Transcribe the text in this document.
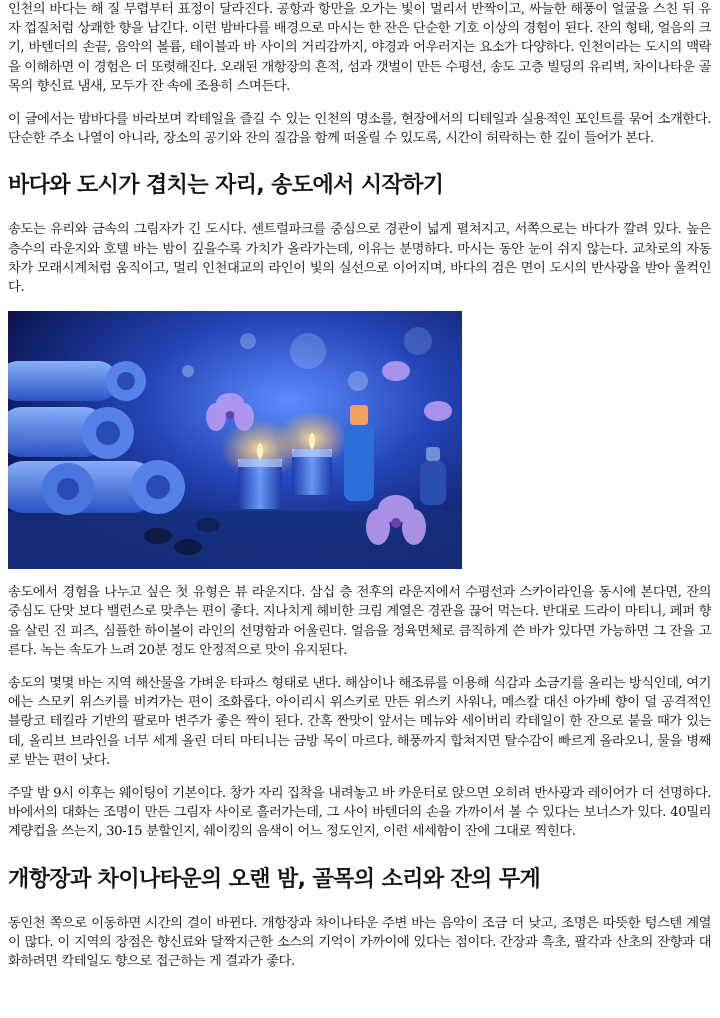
인천의 바다는 해 질 무렵부터 표정이 달라진다. 공항과 항만을 오가는 빛이 멀리서 반짝이고, 싸늘한 해풍이 얼굴을 스친 뒤 유자 껍질처럼 상쾌한 향을 남긴다. 이런 밤바다를 배경으로 마시는 한 잔은 단순한 기호 이상의 경험이 된다. 잔의 형태, 얼음의 크기, 바텐더의 손끝, 음악의 볼륨, 테이블과 바 사이의 거리감까지, 야경과 어우러지는 요소가 다양하다. 인천이라는 도시의 맥락을 이해하면 이 경험은 더 또렷해진다. 오래된 개항장의 흔적, 섬과 갯벌이 만든 수평선, 송도 고층 빌딩의 유리벽, 차이나타운 골목의 향신료 냄새, 모두가 잔 속에 조용히 스며든다.

이 글에서는 밤바다를 바라보며 칵테일을 즐길 수 있는 인천의 명소를, 현장에서의 디테일과 실용적인 포인트를 묶어 소개한다. 단순한 주소 나열이 아니라, 장소의 공기와 잔의 질감을 함께 떠올릴 수 있도록, 시간이 허락하는 한 깊이 들어가 본다.

바다와 도시가 겹치는 자리, 송도에서 시작하기

송도는 유리와 금속의 그림자가 긴 도시다. 센트럴파크를 중심으로 경관이 넓게 펼쳐지고, 서쪽으로는 바다가 깔려 있다. 높은 층수의 라운지와 호텔 바는 밤이 깊을수록 가치가 올라가는데, 이유는 분명하다. 마시는 동안 눈이 쉬지 않는다. 교차로의 자동차가 모래시계처럼 움직이고, 멀리 인천대교의 라인이 빛의 실선으로 이어지며, 바다의 검은 면이 도시의 반사광을 받아 울컥인다.

송도에서 경험을 나누고 싶은 첫 유형은 뷰 라운지다. 삼십 층 전후의 라운지에서 수평선과 스카이라인을 동시에 본다면, 잔의 중심도 단맛 보다 밸런스로 맞추는 편이 좋다. 지나치게 헤비한 크림 계열은 경관을 끊어 먹는다. 반대로 드라이 마티니, 페퍼 향을 살린 진 피즈, 심플한 하이볼이 라인의 선명함과 어울린다. 얼음을 정육면체로 큼직하게 쓴 바가 있다면 가능하면 그 잔을 고른다. 녹는 속도가 느려 20분 정도 안정적으로 맛이 유지된다.

송도의 몇몇 바는 지역 해산물을 가벼운 타파스 형태로 낸다. 해삼이나 해조류를 이용해 식감과 소금기를 올리는 방식인데, 여기에는 스모키 위스키를 비켜가는 편이 조화롭다. 아이리시 위스키로 만든 위스키 사워나, 메스칼 대신 아가베 향이 덜 공격적인 블랑코 테킬라 기반의 팔로마 변주가 좋은 짝이 된다. 간혹 짠맛이 앞서는 메뉴와 세이버리 칵테일이 한 잔으로 붙을 때가 있는데, 올리브 브라인을 너무 세게 올린 더티 마티니는 금방 목이 마르다. 해풍까지 합쳐지면 탈수감이 빠르게 올라오니, 물을 병째로 받는 편이 낫다.

주말 밤 9시 이후는 웨이팅이 기본이다. 창가 자리 집착을 내려놓고 바 카운터로 앉으면 오히려 반사광과 레이어가 더 선명하다. 바에서의 대화는 조명이 만든 그림자 사이로 흘러가는데, 그 사이 바텐더의 손을 가까이서 볼 수 있다는 보너스가 있다. 40밀리 계량컵을 쓰는지, 30-15 분할인지, 쉐이킹의 음색이 어느 정도인지, 이런 세세함이 잔에 그대로 찍힌다.

개항장과 차이나타운의 오랜 밤, 골목의 소리와 잔의 무게

동인천 쪽으로 이동하면 시간의 결이 바뀐다. 개항장과 차이나타운 주변 바는 음악이 조금 더 낮고, 조명은 따뜻한 텅스텐 계열이 많다. 이 지역의 장점은 향신료와 달짝지근한 소스의 기억이 가까이에 있다는 점이다. 간장과 흑초, 팔각과 산초의 잔향과 대화하려면 칵테일도 향으로 접근하는 게 결과가 좋다.
